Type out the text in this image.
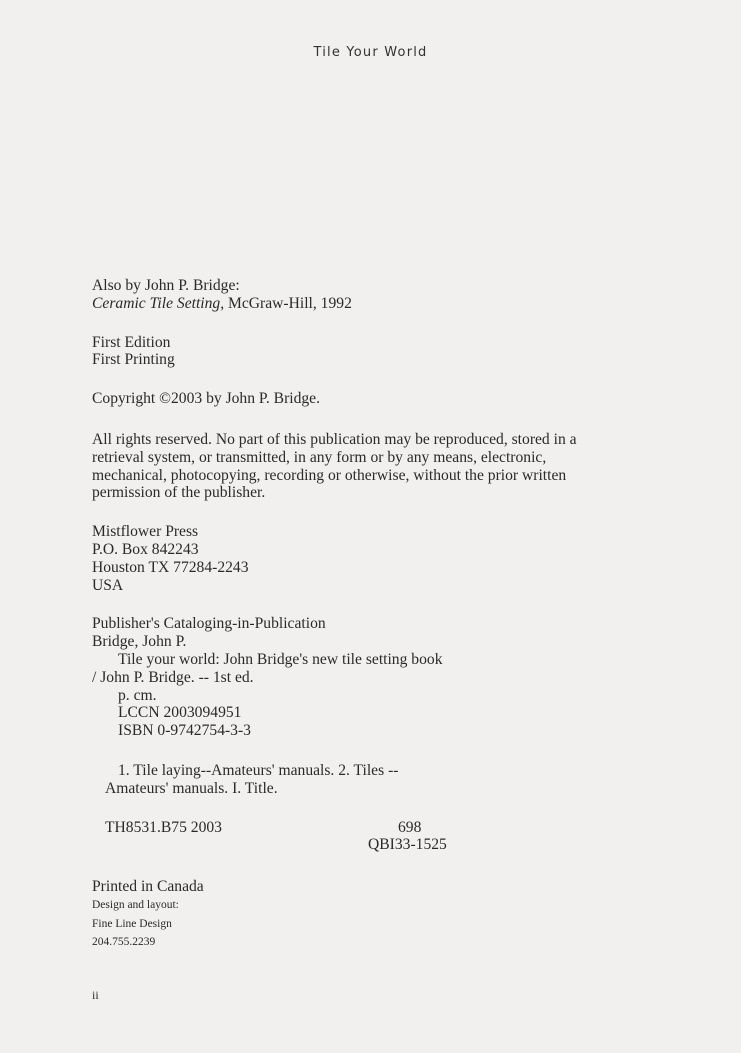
Tile Your World
Also by John P. Bridge:
Ceramic Tile Setting, McGraw-Hill, 1992
First Edition
First Printing
Copyright ©2003 by John P. Bridge.
All rights reserved. No part of this publication may be reproduced, stored in a
retrieval system, or transmitted, in any form or by any means, electronic,
mechanical, photocopying, recording or otherwise, without the prior written
permission of the publisher.
Mistflower Press
P.O. Box 842243
Houston TX 77284-2243
USA
Publisher's Cataloging-in-Publication
Bridge, John P.
Tile your world: John Bridge's new tile setting book
/ John P. Bridge. -- 1st ed.
p. cm.
LCCN 2003094951
ISBN 0-9742754-3-3
1. Tile laying--Amateurs' manuals. 2. Tiles --
Amateurs' manuals. I. Title.
TH8531.B75 2003	698
QBI33-1525
Printed in Canada
Design and layout:
Fine Line Design
204.755.2239
ii
